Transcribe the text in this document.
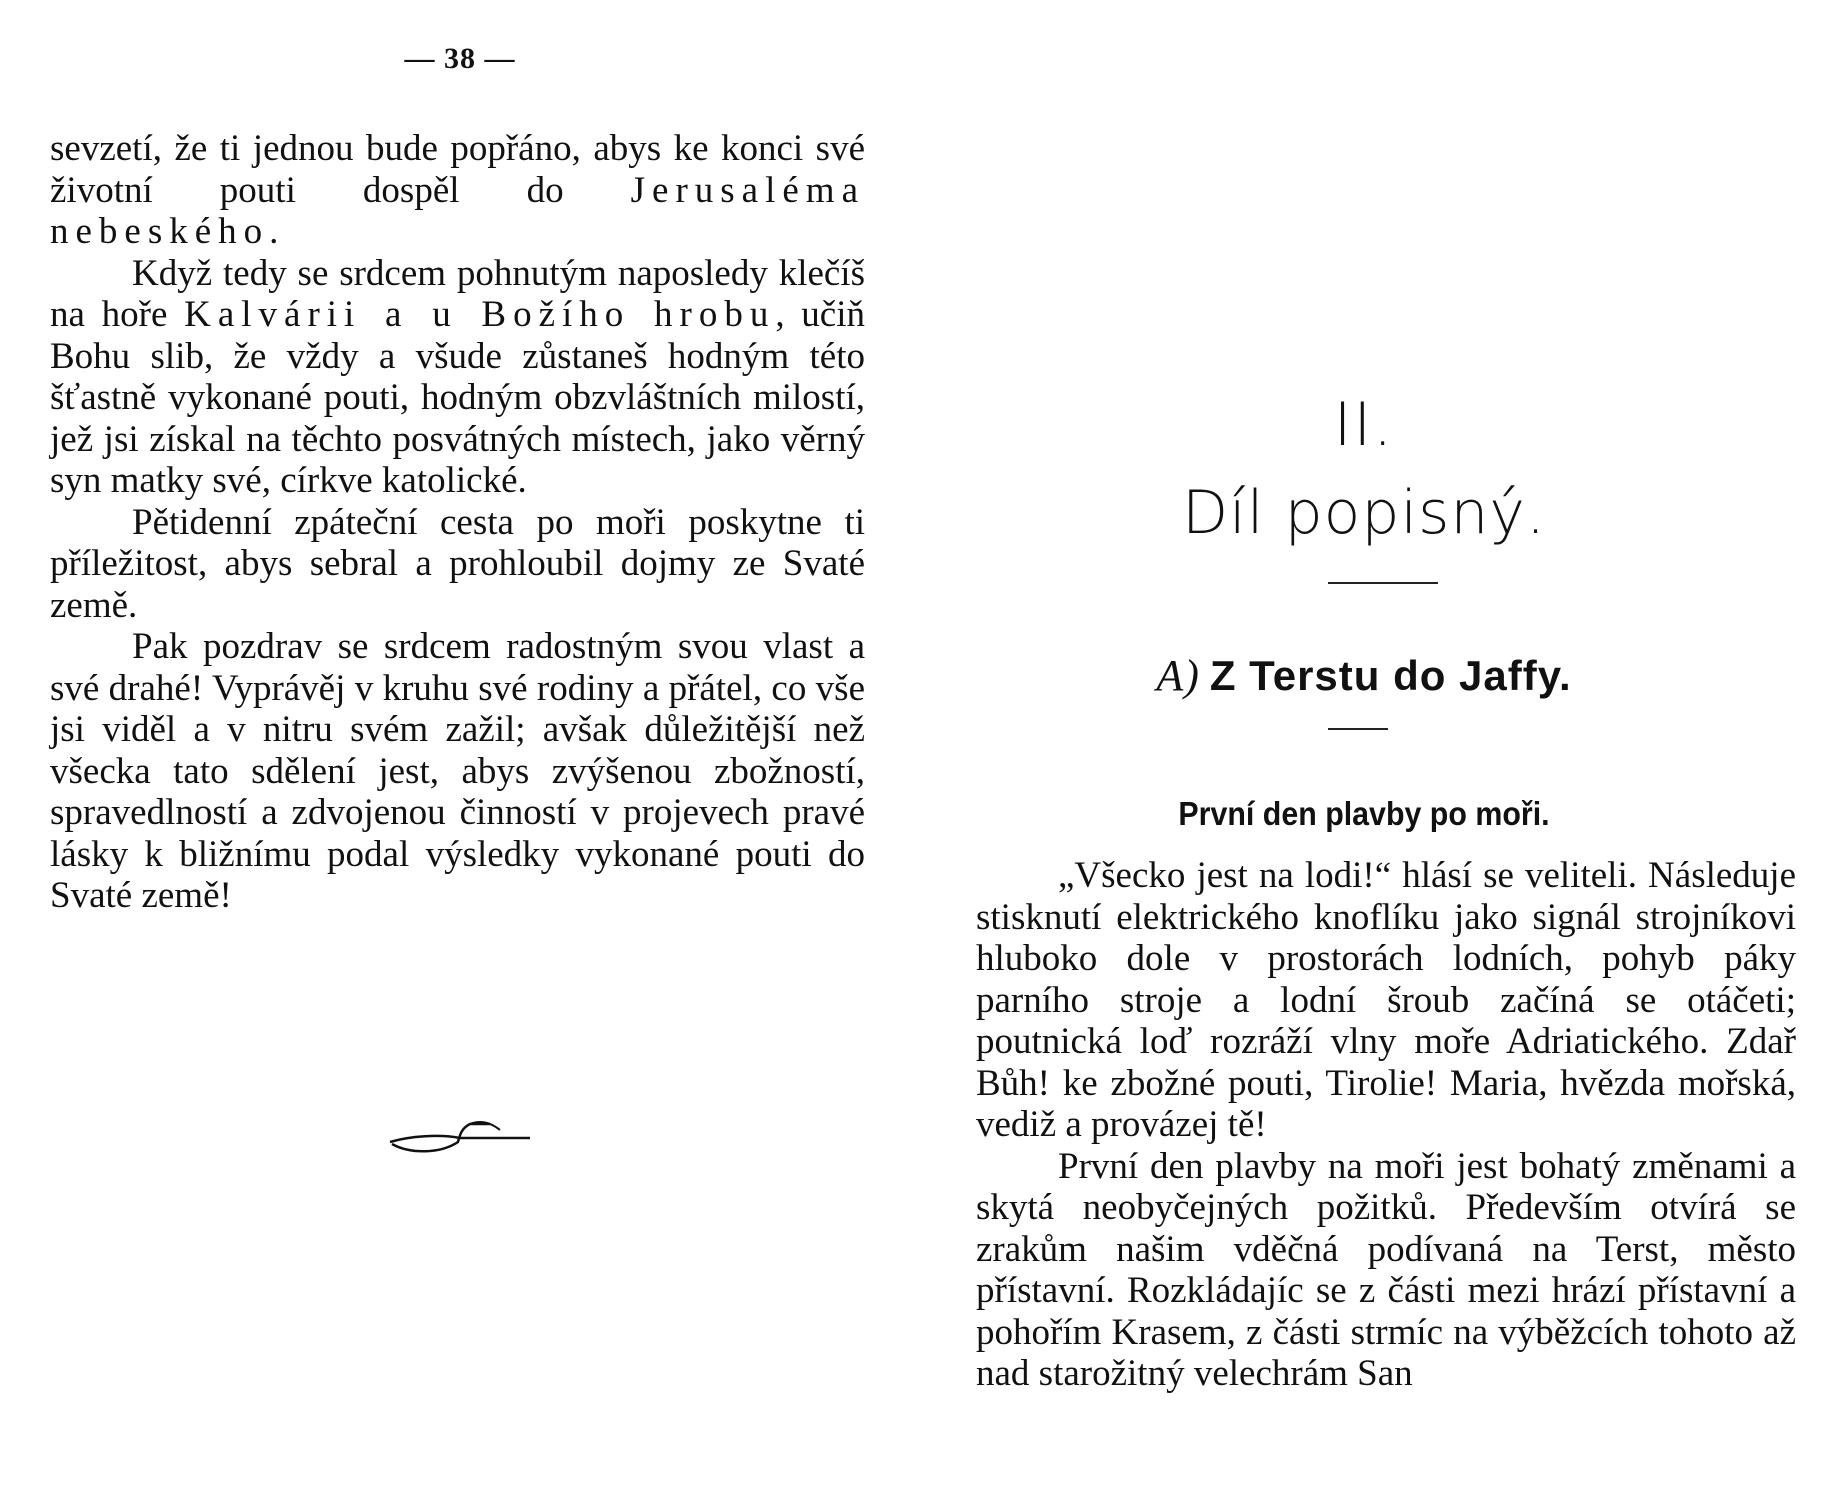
— 38 —

sevzetí, že ti jednou bude popřáno, abys ke konci své životní pouti dospěl do Jerusaléma nebeského.

Když tedy se srdcem pohnutým naposledy klečíš na hoře Kalvárii a u Božího hrobu, učiň Bohu slib, že vždy a všude zůstaneš hodným této šťastně vykonané pouti, hodným obzvláštních milostí, jež jsi získal na těchto posvátných místech, jako věrný syn matky své, církve katolické.

Pětidenní zpáteční cesta po moři poskytne ti příležitost, abys sebral a prohloubil dojmy ze Svaté země.

Pak pozdrav se srdcem radostným svou vlast a své drahé! Vyprávěj v kruhu své rodiny a přátel, co vše jsi viděl a v nitru svém zažil; avšak důležitější než všecka tato sdělení jest, abys zvýšenou zbožností, spravedlností a zdvojenou činností v projevech pravé lásky k bližnímu podal výsledky vykonané pouti do Svaté země!

II.
Díl popisný.
A) Z Terstu do Jaffy.
První den plavby po moři.

„Všecko jest na lodi!“ hlásí se veliteli. Následuje stisknutí elektrického knoflíku jako signál strojníkovi hluboko dole v prostorách lodních, pohyb páky parního stroje a lodní šroub začíná se otáčeti; poutnická loď rozráží vlny moře Adriatického. Zdař Bůh! ke zbožné pouti, Tirolie! Maria, hvězda mořská, vediž a provázej tě!

První den plavby na moři jest bohatý změnami a skytá neobyčejných požitků. Především otvírá se zrakům našim vděčná podívaná na Terst, město přístavní. Rozkládajíc se z části mezi hrází přístavní a pohořím Krasem, z části strmíc na výběžcích tohoto až nad starožitný velechrám San
